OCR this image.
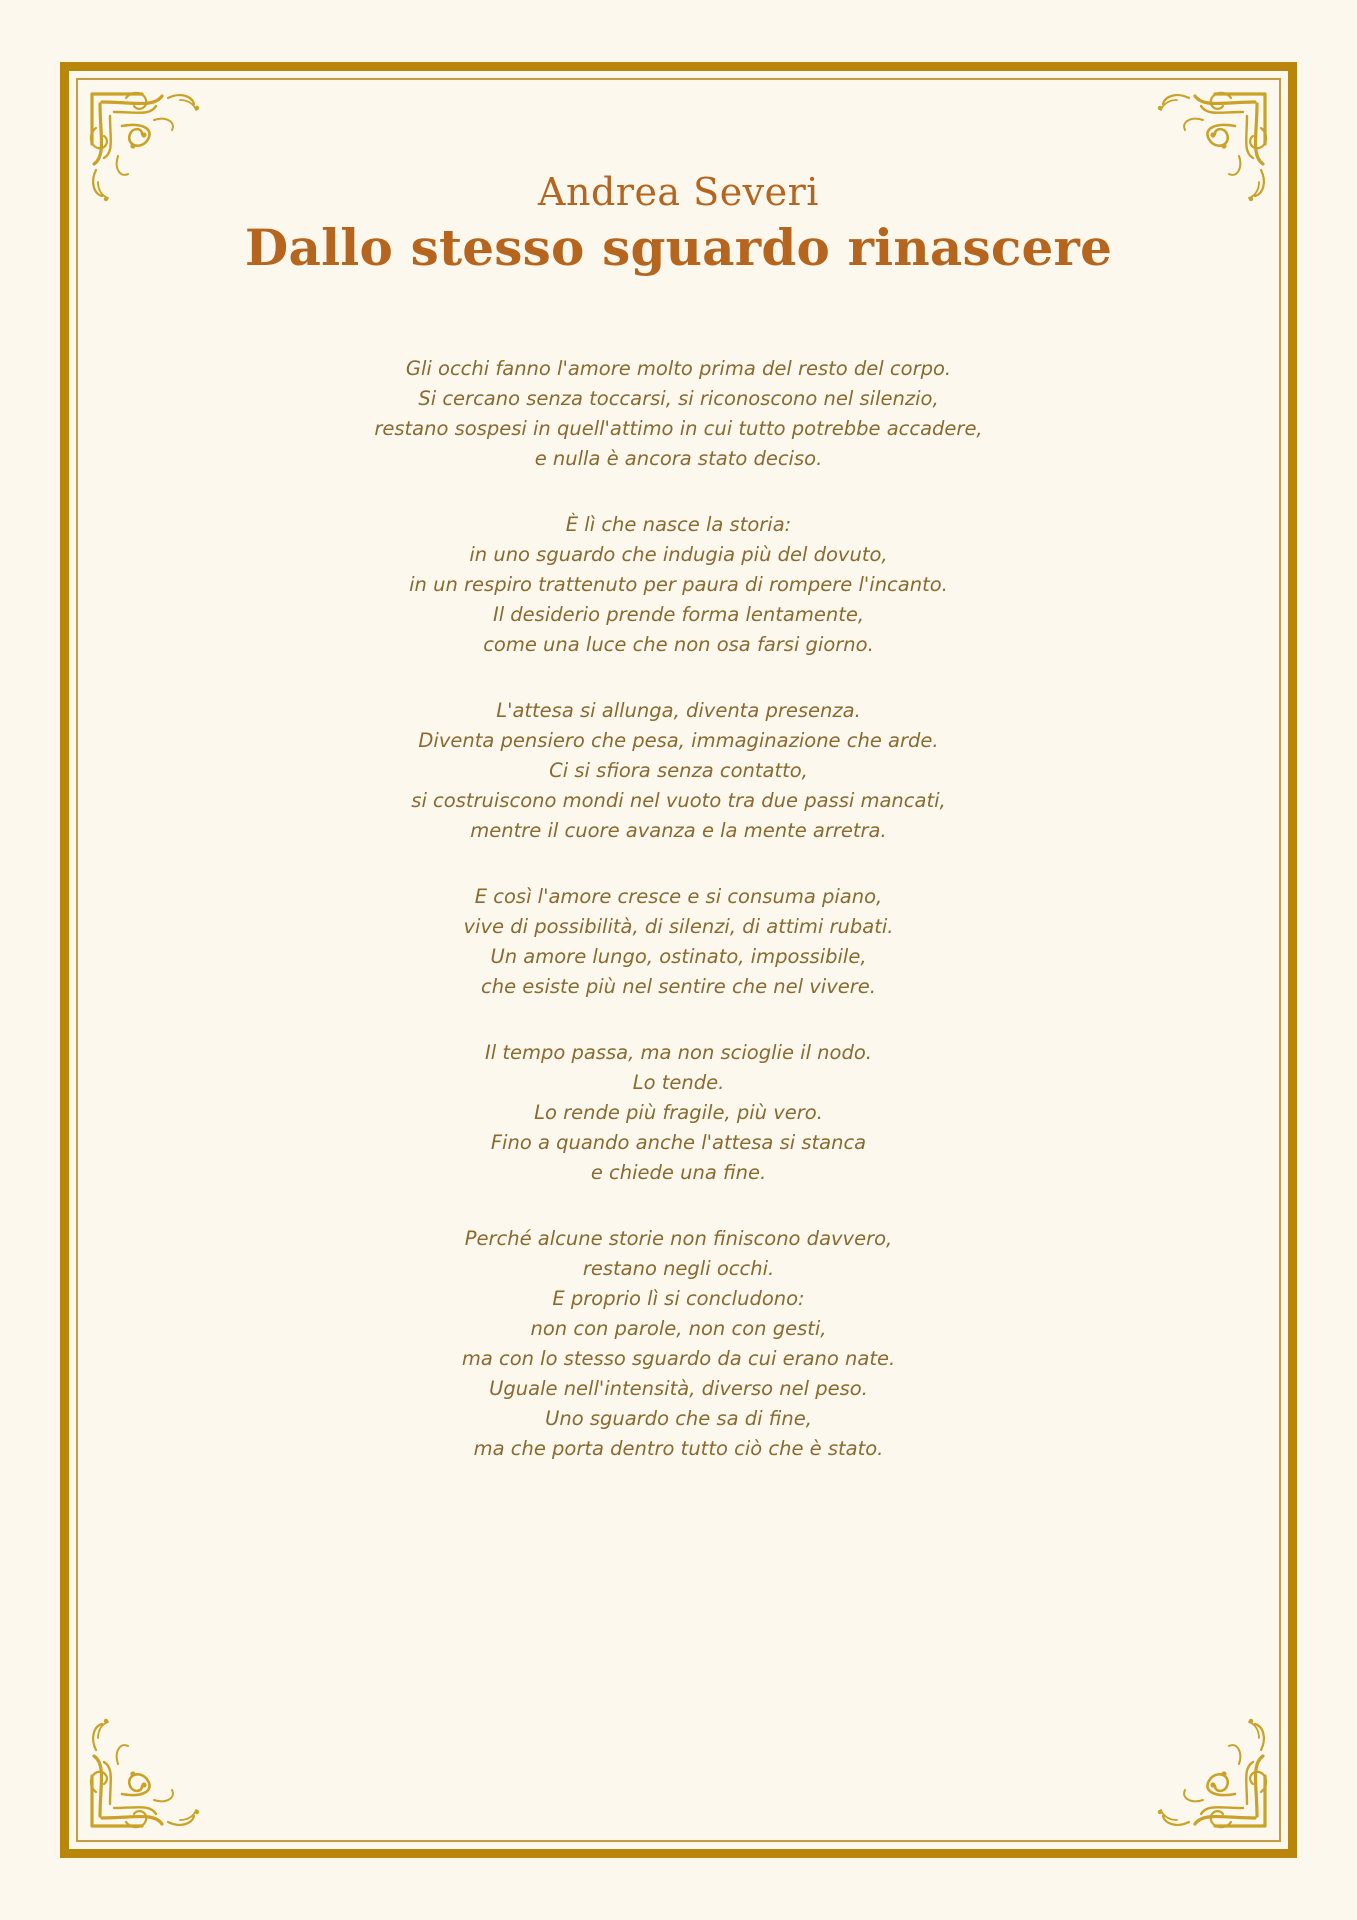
Andrea Severi
Dallo stesso sguardo rinascere
Gli occhi fanno l'amore molto prima del resto del corpo.
Si cercano senza toccarsi, si riconoscono nel silenzio,
restano sospesi in quell'attimo in cui tutto potrebbe accadere,
e nulla è ancora stato deciso.
È lì che nasce la storia:
in uno sguardo che indugia più del dovuto,
in un respiro trattenuto per paura di rompere l'incanto.
Il desiderio prende forma lentamente,
come una luce che non osa farsi giorno.
L'attesa si allunga, diventa presenza.
Diventa pensiero che pesa, immaginazione che arde.
Ci si sfiora senza contatto,
si costruiscono mondi nel vuoto tra due passi mancati,
mentre il cuore avanza e la mente arretra.
E così l'amore cresce e si consuma piano,
vive di possibilità, di silenzi, di attimi rubati.
Un amore lungo, ostinato, impossibile,
che esiste più nel sentire che nel vivere.
Il tempo passa, ma non scioglie il nodo.
Lo tende.
Lo rende più fragile, più vero.
Fino a quando anche l'attesa si stanca
e chiede una fine.
Perché alcune storie non finiscono davvero,
restano negli occhi.
E proprio lì si concludono:
non con parole, non con gesti,
ma con lo stesso sguardo da cui erano nate.
Uguale nell'intensità, diverso nel peso.
Uno sguardo che sa di fine,
ma che porta dentro tutto ciò che è stato.
